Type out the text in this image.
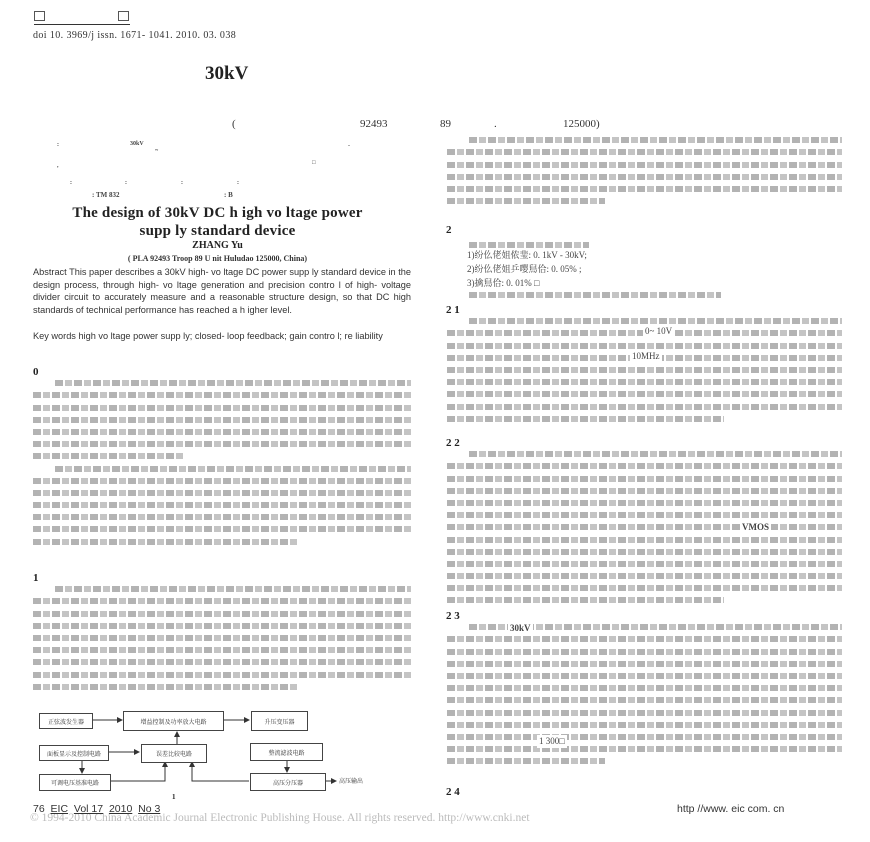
doi 10. 3969/j issn. 1671- 1041. 2010. 03. 038
30kV
(	92493	89	.	125000)
:	30kV
~
-
,	□
:	:	:	:
: TM 832	: B
The design of 30kV DC h igh vo ltage power
supp ly standard device
ZHANG Yu
( PLA 92493 Troop 89 U nit Huludao 125000, China)
Abstract This paper describes a 30kV high- vo ltage DC power supp ly standard device in the design process, through high- vo ltage generation and precision contro l of high- voltage divider circuit to accurately measure and a reasonable structure design, so that DC high standards of technical performance has reached a h igher level.
Key words high vo ltage power supp ly; closed- loop feedback; gain contro l; re liability
0
1
正弦波发生器	增益控制及功率放大电路	升压变压器
面板显示及控制电路	误差比较电路	整流滤波电路
可调电压基准电路	高压分压器	高压输出
1
2
1)纷仫佬姐侬㻗: 0. 1kV - 30kV;
2)纷仫佬姐乒嘤舃佮: 0. 05% ;
3)擒舃佮: 0. 01% □
2 1
0~ 10V
10MHz
2 2
VMOS
2 3
30kV
1 300□
2 4
© 1994-2010 China Academic Journal Electronic Publishing House. All rights reserved. http://www.cnki.net
76 EIC Vol 17 2010 No 3	http //www. eic com. cn
